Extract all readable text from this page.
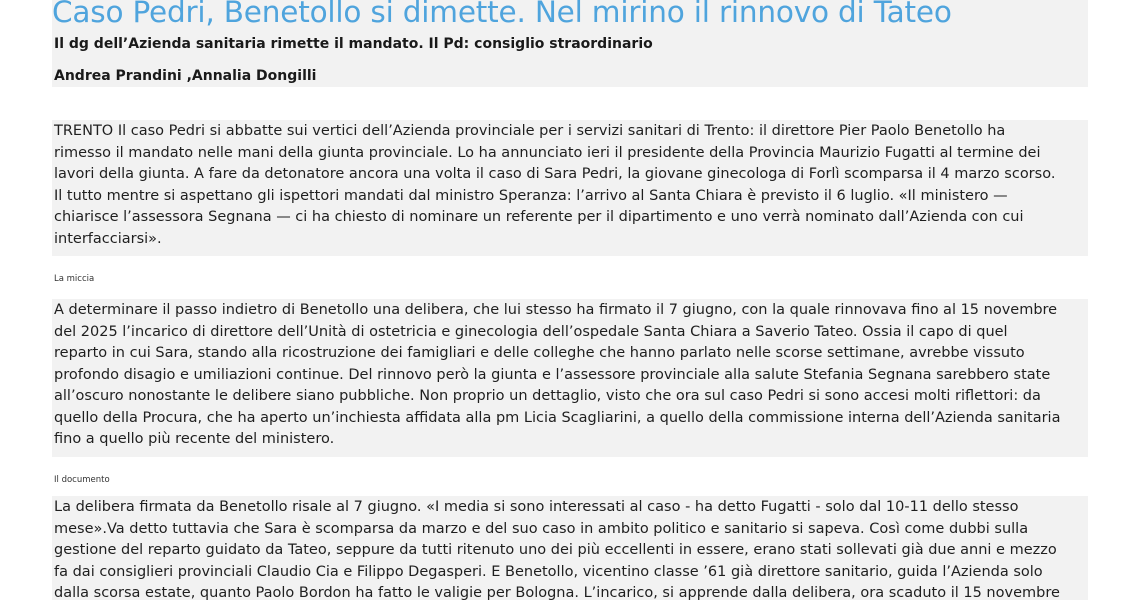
Caso Pedri, Benetollo si dimette. Nel mirino il rinnovo di Tateo

Il dg dell’Azienda sanitaria rimette il mandato. Il Pd: consiglio straordinario

Andrea Prandini ,Annalia Dongilli

TRENTO Il caso Pedri si abbatte sui vertici dell’Azienda provinciale per i servizi sanitari di Trento: il direttore Pier Paolo Benetollo ha
rimesso il mandato nelle mani della giunta provinciale. Lo ha annunciato ieri il presidente della Provincia Maurizio Fugatti al termine dei
lavori della giunta. A fare da detonatore ancora una volta il caso di Sara Pedri, la giovane ginecologa di Forlì scomparsa il 4 marzo scorso.
Il tutto mentre si aspettano gli ispettori mandati dal ministro Speranza: l’arrivo al Santa Chiara è previsto il 6 luglio. «Il ministero —
chiarisce l’assessora Segnana — ci ha chiesto di nominare un referente per il dipartimento e uno verrà nominato dall’Azienda con cui
interfacciarsi».

La miccia

A determinare il passo indietro di Benetollo una delibera, che lui stesso ha firmato il 7 giugno, con la quale rinnovava fino al 15 novembre
del 2025 l’incarico di direttore dell’Unità di ostetricia e ginecologia dell’ospedale Santa Chiara a Saverio Tateo. Ossia il capo di quel
reparto in cui Sara, stando alla ricostruzione dei famigliari e delle colleghe che hanno parlato nelle scorse settimane, avrebbe vissuto
profondo disagio e umiliazioni continue. Del rinnovo però la giunta e l’assessore provinciale alla salute Stefania Segnana sarebbero state
all’oscuro nonostante le delibere siano pubbliche. Non proprio un dettaglio, visto che ora sul caso Pedri si sono accesi molti riflettori: da
quello della Procura, che ha aperto un’inchiesta affidata alla pm Licia Scagliarini, a quello della commissione interna dell’Azienda sanitaria
fino a quello più recente del ministero.

Il documento

La delibera firmata da Benetollo risale al 7 giugno. «I media si sono interessati al caso - ha detto Fugatti - solo dal 10-11 dello stesso
mese».Va detto tuttavia che Sara è scomparsa da marzo e del suo caso in ambito politico e sanitario si sapeva. Così come dubbi sulla
gestione del reparto guidato da Tateo, seppure da tutti ritenuto uno dei più eccellenti in essere, erano stati sollevati già due anni e mezzo
fa dai consiglieri provinciali Claudio Cia e Filippo Degasperi. E Benetollo, vicentino classe ’61 già direttore sanitario, guida l’Azienda solo
dalla scorsa estate, quanto Paolo Bordon ha fatto le valigie per Bologna. L’incarico, si apprende dalla delibera, ora scaduto il 15 novembre
